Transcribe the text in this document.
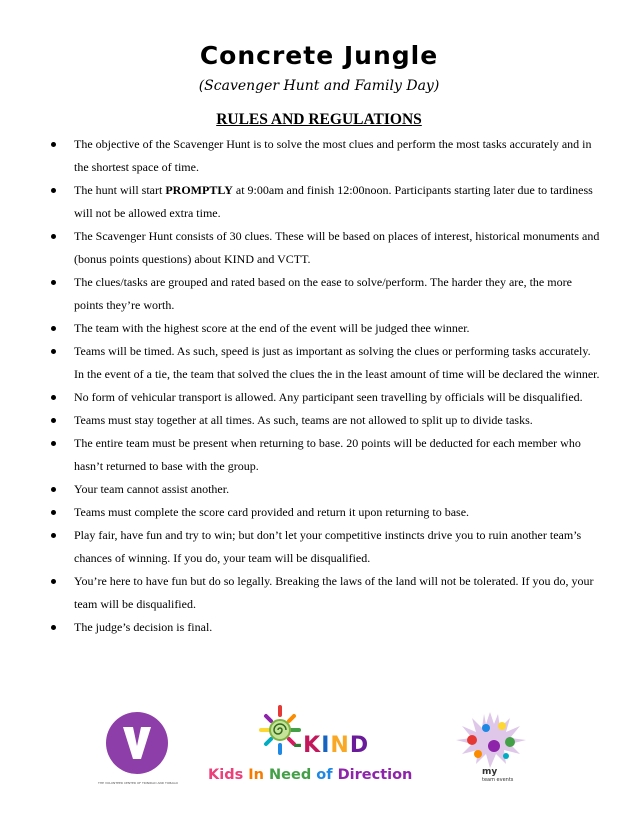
Concrete Jungle
(Scavenger Hunt and Family Day)
RULES AND REGULATIONS
The objective of the Scavenger Hunt is to solve the most clues and perform the most tasks accurately and in the shortest space of time.
The hunt will start PROMPTLY at 9:00am and finish 12:00noon. Participants starting later due to tardiness will not be allowed extra time.
The Scavenger Hunt consists of 30 clues. These will be based on places of interest, historical monuments and (bonus points questions) about KIND and VCTT.
The clues/tasks are grouped and rated based on the ease to solve/perform. The harder they are, the more points they’re worth.
The team with the highest score at the end of the event will be judged thee winner.
Teams will be timed. As such, speed is just as important as solving the clues or performing tasks accurately. In the event of a tie, the team that solved the clues the in the least amount of time will be declared the winner.
No form of vehicular transport is allowed. Any participant seen travelling by officials will be disqualified.
Teams must stay together at all times. As such, teams are not allowed to split up to divide tasks.
The entire team must be present when returning to base. 20 points will be deducted for each member who hasn’t returned to base with the group.
Your team cannot assist another.
Teams must complete the score card provided and return it upon returning to base.
Play fair, have fun and try to win; but don’t let your competitive instincts drive you to ruin another team’s chances of winning. If you do, your team will be disqualified.
You’re here to have fun but do so legally. Breaking the laws of the land will not be tolerated. If you do, your team will be disqualified.
The judge’s decision is final.
THE VOLUNTEER CENTER OF TRINIDAD AND TOBAGO
-KIND
Kids In Need of Direction	my
team events
